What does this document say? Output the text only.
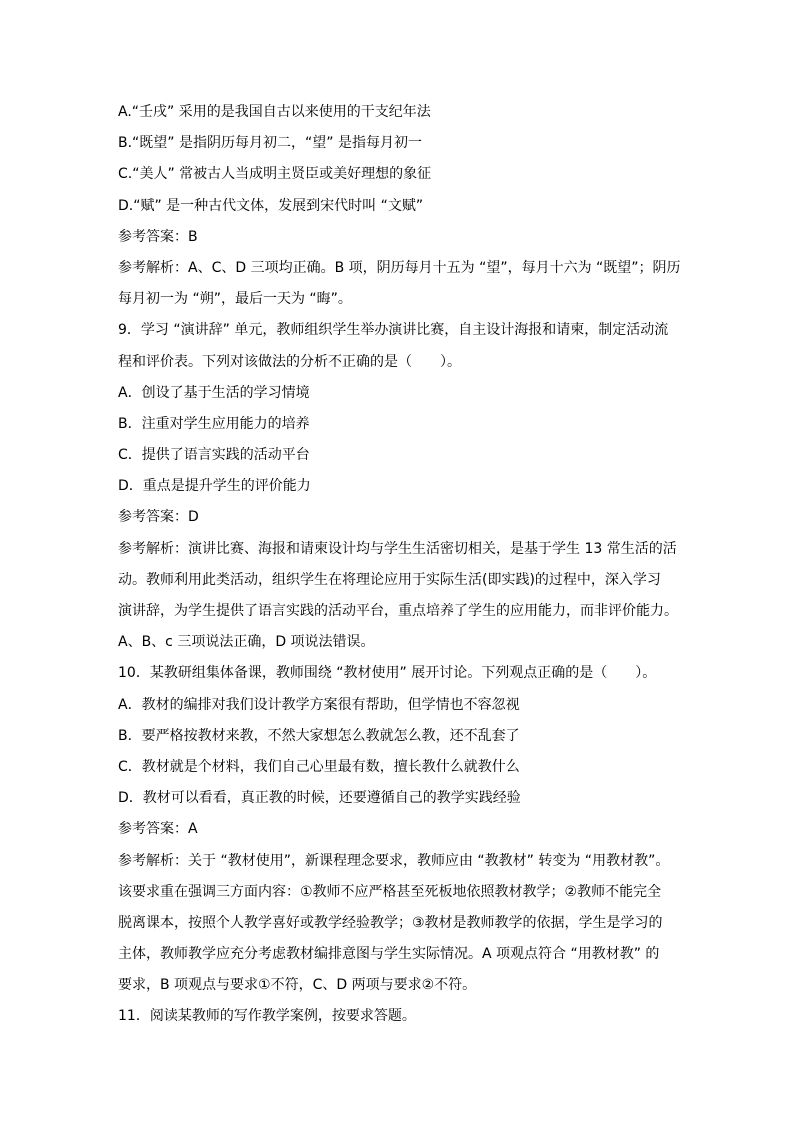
A.“壬戌” 采用的是我国自古以来使用的干支纪年法
B.“既望” 是指阴历每月初二，“望” 是指每月初一
C.“美人” 常被古人当成明主贤臣或美好理想的象征
D.“赋” 是一种古代文体，发展到宋代时叫 “文赋”
参考答案：B
参考解析：A、C、D 三项均正确。B 项，阴历每月十五为 “望”，每月十六为 “既望”；阴历
每月初一为 “朔”，最后一天为 “晦”。
9．学习 “演讲辞” 单元，教师组织学生举办演讲比赛，自主设计海报和请柬，制定活动流
程和评价表。下列对该做法的分析不正确的是（　　）。
A．创设了基于生活的学习情境
B．注重对学生应用能力的培养
C．提供了语言实践的活动平台
D．重点是提升学生的评价能力
参考答案：D
参考解析：演讲比赛、海报和请柬设计均与学生生活密切相关，是基于学生 13 常生活的活
动。教师利用此类活动，组织学生在将理论应用于实际生活(即实践)的过程中，深入学习
演讲辞，为学生提供了语言实践的活动平台，重点培养了学生的应用能力，而非评价能力。
A、B、c 三项说法正确，D 项说法错误。
10．某教研组集体备课，教师围绕 “教材使用” 展开讨论。下列观点正确的是（　　）。
A．教材的编排对我们设计教学方案很有帮助，但学情也不容忽视
B．要严格按教材来教，不然大家想怎么教就怎么教，还不乱套了
C．教材就是个材料，我们自己心里最有数，擅长教什么就教什么
D．教材可以看看，真正教的时候，还要遵循自己的教学实践经验
参考答案：A
参考解析：关于 “教材使用”，新课程理念要求，教师应由 “教教材” 转变为 “用教材教”。
该要求重在强调三方面内容：①教师不应严格甚至死板地依照教材教学；②教师不能完全
脱离课本，按照个人教学喜好或教学经验教学；③教材是教师教学的依据，学生是学习的
主体，教师教学应充分考虑教材编排意图与学生实际情况。A 项观点符合 “用教材教” 的
要求，B 项观点与要求①不符，C、D 两项与要求②不符。
11．阅读某教师的写作教学案例，按要求答题。
